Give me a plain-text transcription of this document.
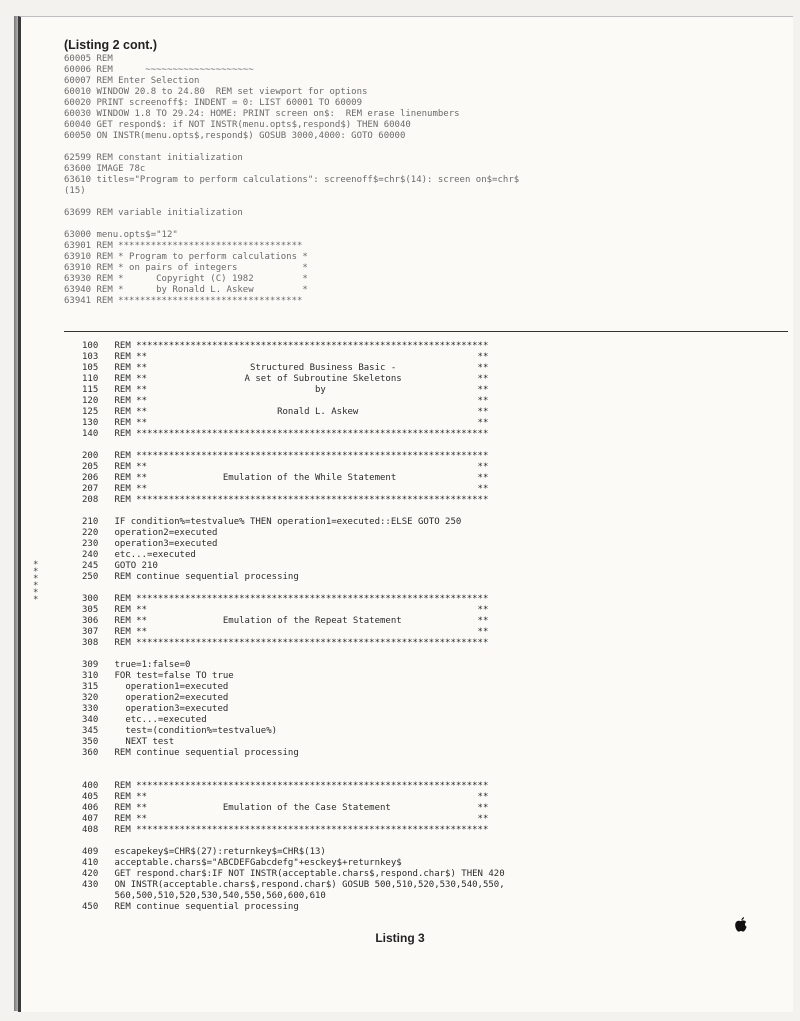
(Listing 2 cont.)
60005 REM
60006 REM      ~~~~~~~~~~~~~~~~~~~~
60007 REM Enter Selection
60010 WINDOW 20.8 to 24.80  REM set viewport for options
60020 PRINT screenoff$: INDENT = 0: LIST 60001 TO 60009
60030 WINDOW 1.8 TO 29.24: HOME: PRINT screen on$:  REM erase linenumbers
60040 GET respond$: if NOT INSTR(menu.opts$,respond$) THEN 60040
60050 ON INSTR(menu.opts$,respond$) GOSUB 3000,4000: GOTO 60000
62599 REM constant initialization
63600 IMAGE 78c
63610 titles="Program to perform calculations": screenoff$=chr$(14): screen on$=chr$
(15)
63699 REM variable initialization
63000 menu.opts$="12"
63901 REM **********************************
63910 REM * Program to perform calculations *
63910 REM * on pairs of integers            *
63930 REM *      Copyright (C) 1982         *
63940 REM *      by Ronald L. Askew         *
63941 REM **********************************
*
*
*
*
*
*
100   REM *****************************************************************
103   REM **                                                             **
105   REM **                   Structured Business Basic -               **
110   REM **                  A set of Subroutine Skeletons              **
115   REM **                               by                            **
120   REM **                                                             **
125   REM **                        Ronald L. Askew                      **
130   REM **                                                             **
140   REM *****************************************************************
200   REM *****************************************************************
205   REM **                                                             **
206   REM **              Emulation of the While Statement               **
207   REM **                                                             **
208   REM *****************************************************************
210   IF condition%=testvalue% THEN operation1=executed::ELSE GOTO 250
220   operation2=executed
230   operation3=executed
240   etc...=executed
245   GOTO 210
250   REM continue sequential processing
300   REM *****************************************************************
305   REM **                                                             **
306   REM **              Emulation of the Repeat Statement              **
307   REM **                                                             **
308   REM *****************************************************************
309   true=1:false=0
310   FOR test=false TO true
315     operation1=executed
320     operation2=executed
330     operation3=executed
340     etc...=executed
345     test=(condition%=testvalue%)
350     NEXT test
360   REM continue sequential processing
400   REM *****************************************************************
405   REM **                                                             **
406   REM **              Emulation of the Case Statement                **
407   REM **                                                             **
408   REM *****************************************************************
409   escapekey$=CHR$(27):returnkey$=CHR$(13)
410   acceptable.chars$="ABCDEFGabcdefg"+esckey$+returnkey$
420   GET respond.char$:IF NOT INSTR(acceptable.chars$,respond.char$) THEN 420
430   ON INSTR(acceptable.chars$,respond.char$) GOSUB 500,510,520,530,540,550,
560,500,510,520,530,540,550,560,600,610
450   REM continue sequential processing
Listing 3
